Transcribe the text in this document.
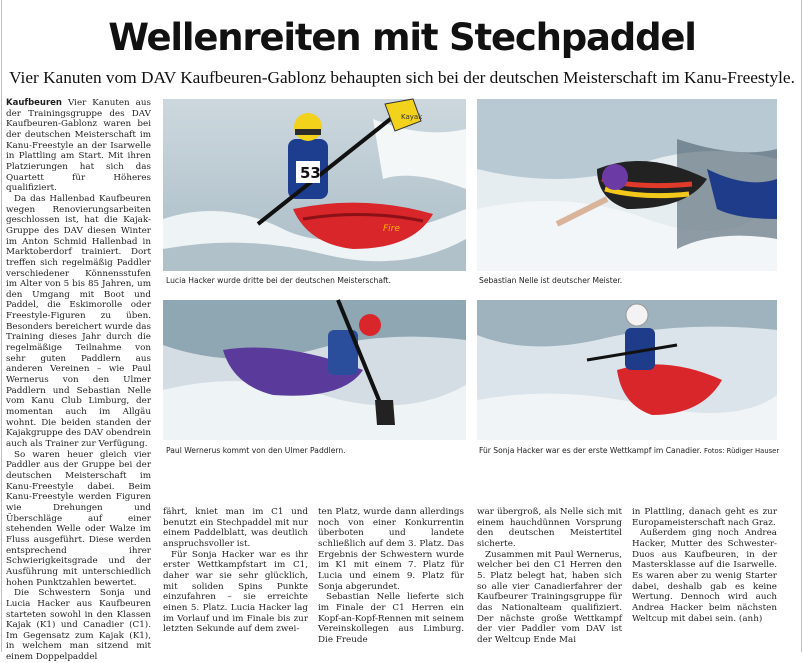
Wellenreiten mit Stechpaddel
Vier Kanuten vom DAV Kaufbeuren-Gablonz behaupten sich bei der deutschen Meisterschaft im Kanu-Freestyle.

Kaufbeuren Vier Kanuten aus der Trainingsgruppe des DAV Kaufbeuren-Gablonz waren bei der deutschen Meisterschaft im Kanu-Freestyle an der Isarwelle in Plattling am Start. Mit ihren Platzierungen hat sich das Quartett für Höheres qualifiziert.

Da das Hallenbad Kaufbeuren wegen Renovierungsarbeiten geschlossen ist, hat die Kajak-Gruppe des DAV diesen Winter im Anton Schmid Hallenbad in Marktoberdorf trainiert. Dort treffen sich regelmäßig Paddler verschiedener Könnensstufen im Alter von 5 bis 85 Jahren, um den Umgang mit Boot und Paddel, die Eskimorolle oder Freestyle-Figuren zu üben. Besonders bereichert wurde das Training dieses Jahr durch die regelmäßige Teilnahme von sehr guten Paddlern aus anderen Vereinen – wie Paul Wernerus von den Ulmer Paddlern und Sebastian Nelle vom Kanu Club Limburg, der momentan auch im Allgäu wohnt. Die beiden standen der Kajakgruppe des DAV obendrein auch als Trainer zur Verfügung.

So waren heuer gleich vier Paddler aus der Gruppe bei der deutschen Meisterschaft im Kanu-Freestyle dabei. Beim Kanu-Freestyle werden Figuren wie Drehungen und Überschläge auf einer stehenden Welle oder Walze im Fluss ausgeführt. Diese werden entsprechend ihrer Schwierigkeitsgrade und der Ausführung mit unterschiedlich hohen Punktzahlen bewertet.

Die Schwestern Sonja und Lucia Hacker aus Kaufbeuren starteten sowohl in den Klassen Kajak (K1) und Canadier (C1). Im Gegensatz zum Kajak (K1), in welchem man sitzend mit einem Doppelpaddel

Kayak
53
Fire
Lucia Hacker wurde dritte bei der deutschen Meisterschaft.	Sebastian Nelle ist deutscher Meister.
Paul Wernerus kommt von den Ulmer Paddlern.	Für Sonja Hacker war es der erste Wettkampf im Canadier. Fotos: Rüdiger Hauser

fährt, kniet man im C1 und benutzt ein Stechpaddel mit nur einem Paddelblatt, was deutlich anspruchsvoller ist.

Für Sonja Hacker war es ihr erster Wettkampfstart im C1, daher war sie sehr glücklich, mit soliden Spins Punkte einzufahren – sie erreichte einen 5. Platz. Lucia Hacker lag im Vorlauf und im Finale bis zur letzten Sekunde auf dem zwei-

ten Platz, wurde dann allerdings noch von einer Konkurrentin überboten und landete schließlich auf dem 3. Platz. Das Ergebnis der Schwestern wurde im K1 mit einem 7. Platz für Lucia und einem 9. Platz für Sonja abgerundet.

Sebastian Nelle lieferte sich im Finale der C1 Herren ein Kopf-an-Kopf-Rennen mit seinem Vereinskollegen aus Limburg. Die Freude

war übergroß, als Nelle sich mit einem hauchdünnen Vorsprung den deutschen Meistertitel sicherte.

Zusammen mit Paul Wernerus, welcher bei den C1 Herren den 5. Platz belegt hat, haben sich so alle vier Canadierfahrer der Kaufbeurer Trainingsgruppe für das Nationalteam qualifiziert. Der nächste große Wettkampf der vier Paddler vom DAV ist der Weltcup Ende Mai

in Plattling, danach geht es zur Europameisterschaft nach Graz.

Außerdem ging noch Andrea Hacker, Mutter des Schwester-Duos aus Kaufbeuren, in der Mastersklasse auf die Isarwelle. Es waren aber zu wenig Starter dabei, deshalb gab es keine Wertung. Dennoch wird auch Andrea Hacker beim nächsten Weltcup mit dabei sein. (anh)
